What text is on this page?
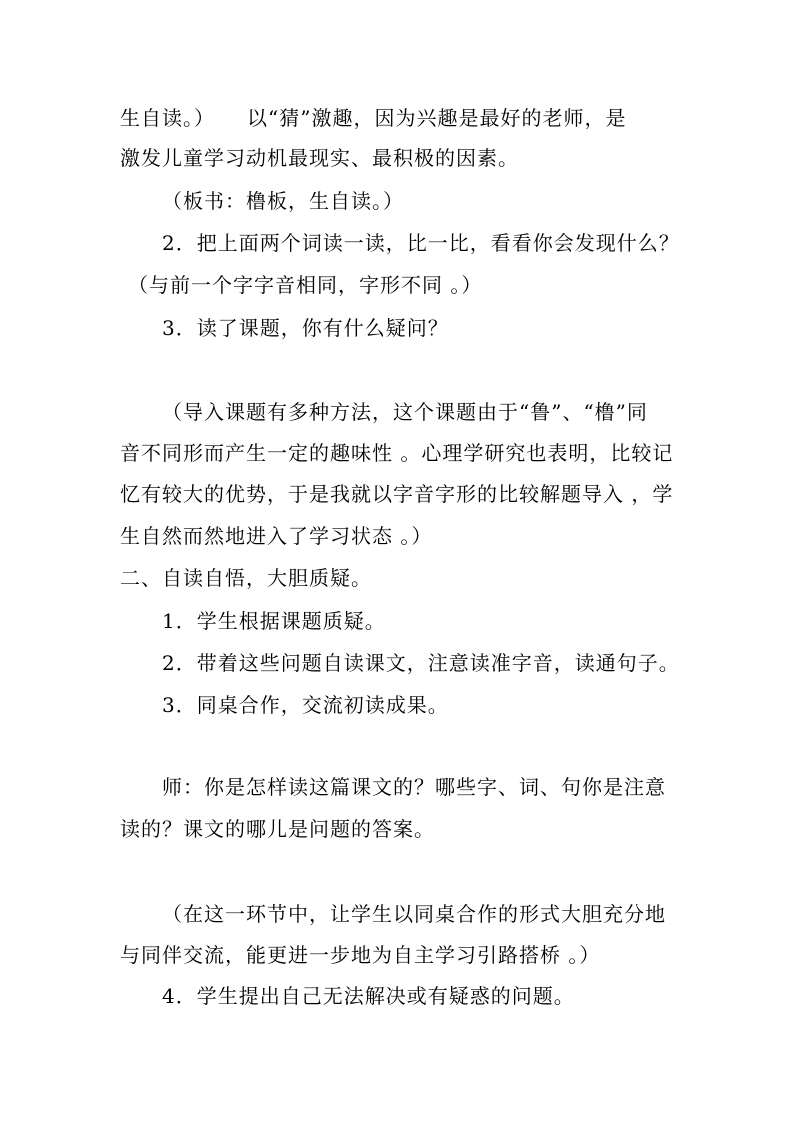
生自读。）　　以“猜”激趣，因为兴趣是最好的老师，是
激发儿童学习动机最现实、最积极的因素。
（板书：橹板，生自读。）
2．把上面两个词读一读，比一比，看看你会发现什么？
（与前一个字字音相同，字形不同 。）
3．读了课题，你有什么疑问？
（导入课题有多种方法，这个课题由于“鲁”、“橹”同
音不同形而产生一定的趣味性 。心理学研究也表明，比较记
忆有较大的优势，于是我就以字音字形的比较解题导入 ，学
生自然而然地进入了学习状态 。）
二、自读自悟，大胆质疑。
1．学生根据课题质疑。
2．带着这些问题自读课文，注意读准字音，读通句子。
3．同桌合作，交流初读成果。
师：你是怎样读这篇课文的？哪些字、词、句你是注意
读的？课文的哪儿是问题的答案。
（在这一环节中，让学生以同桌合作的形式大胆充分地
与同伴交流，能更进一步地为自主学习引路搭桥 。）
4．学生提出自己无法解决或有疑惑的问题。
